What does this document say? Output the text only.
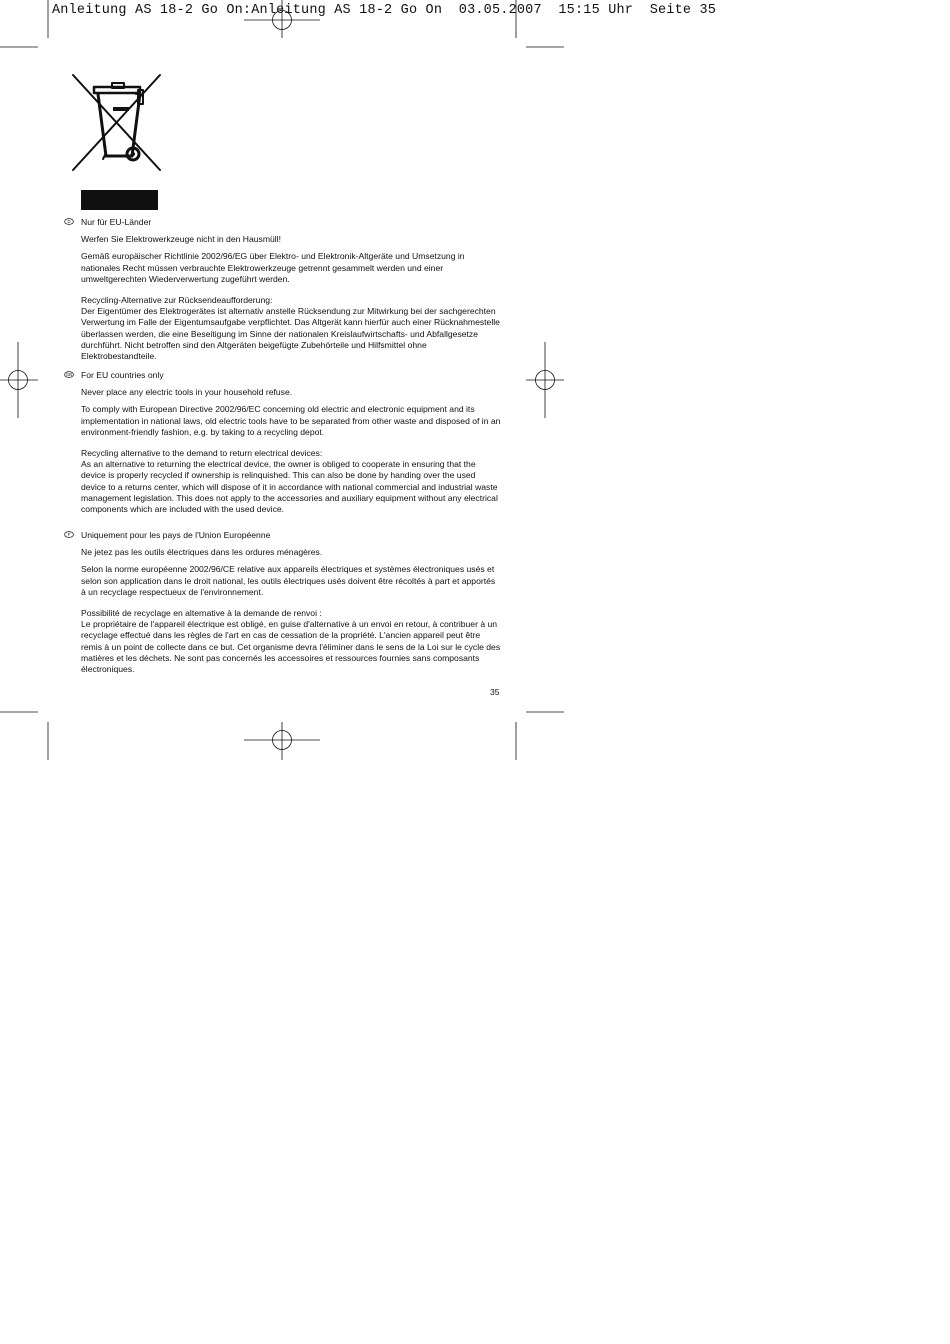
Anleitung AS 18-2 Go On:Anleitung AS 18-2 Go On  03.05.2007  15:15 Uhr  Seite 35
D Nur für EU-Länder

Werfen Sie Elektrowerkzeuge nicht in den Hausmüll!

Gemäß europäischer Richtlinie 2002/96/EG über Elektro- und Elektronik-Altgeräte und Umsetzung in nationales Recht müssen verbrauchte Elektrowerkzeuge getrennt gesammelt werden und einer umweltgerechten Wiederverwertung zugeführt werden.

Recycling-Alternative zur Rücksendeaufforderung:

Der Eigentümer des Elektrogerätes ist alternativ anstelle Rücksendung zur Mitwirkung bei der sachgerechten Verwertung im Falle der Eigentumsaufgabe verpflichtet. Das Altgerät kann hierfür auch einer Rücknahmestelle überlassen werden, die eine Beseitigung im Sinne der nationalen Kreislaufwirtschafts- und Abfallgesetze durchführt. Nicht betroffen sind den Altgeräten beigefügte Zubehörteile und Hilfsmittel ohne Elektrobestandteile.

GB For EU countries only

Never place any electric tools in your household refuse.

To comply with European Directive 2002/96/EC concerning old electric and electronic equipment and its implementation in national laws, old electric tools have to be separated from other waste and disposed of in an environment-friendly fashion, e.g. by taking to a recycling depot.

Recycling alternative to the demand to return electrical devices:

As an alternative to returning the electrical device, the owner is obliged to cooperate in ensuring that the device is properly recycled if ownership is relinquished. This can also be done by handing over the used device to a returns center, which will dispose of it in accordance with national commercial and industrial waste management legislation. This does not apply to the accessories and auxiliary equipment without any electrical components which are included with the used device.

F Uniquement pour les pays de l'Union Européenne

Ne jetez pas les outils électriques dans les ordures ménagères.

Selon la norme européenne 2002/96/CE relative aux appareils électriques et systèmes électroniques usés et selon son application dans le droit national, les outils électriques usés doivent être récoltés à part et apportés à un recyclage respectueux de l'environnement.

Possibilité de recyclage en alternative à la demande de renvoi :

Le propriétaire de l'appareil électrique est obligé, en guise d'alternative à un envoi en retour, à contribuer à un recyclage effectué dans les règles de l'art en cas de cessation de la propriété. L'ancien appareil peut être remis à un point de collecte dans ce but. Cet organisme devra l'éliminer dans le sens de la Loi sur le cycle des matières et les déchets. Ne sont pas concernés les accessoires et ressources fournies sans composants électroniques.

35
